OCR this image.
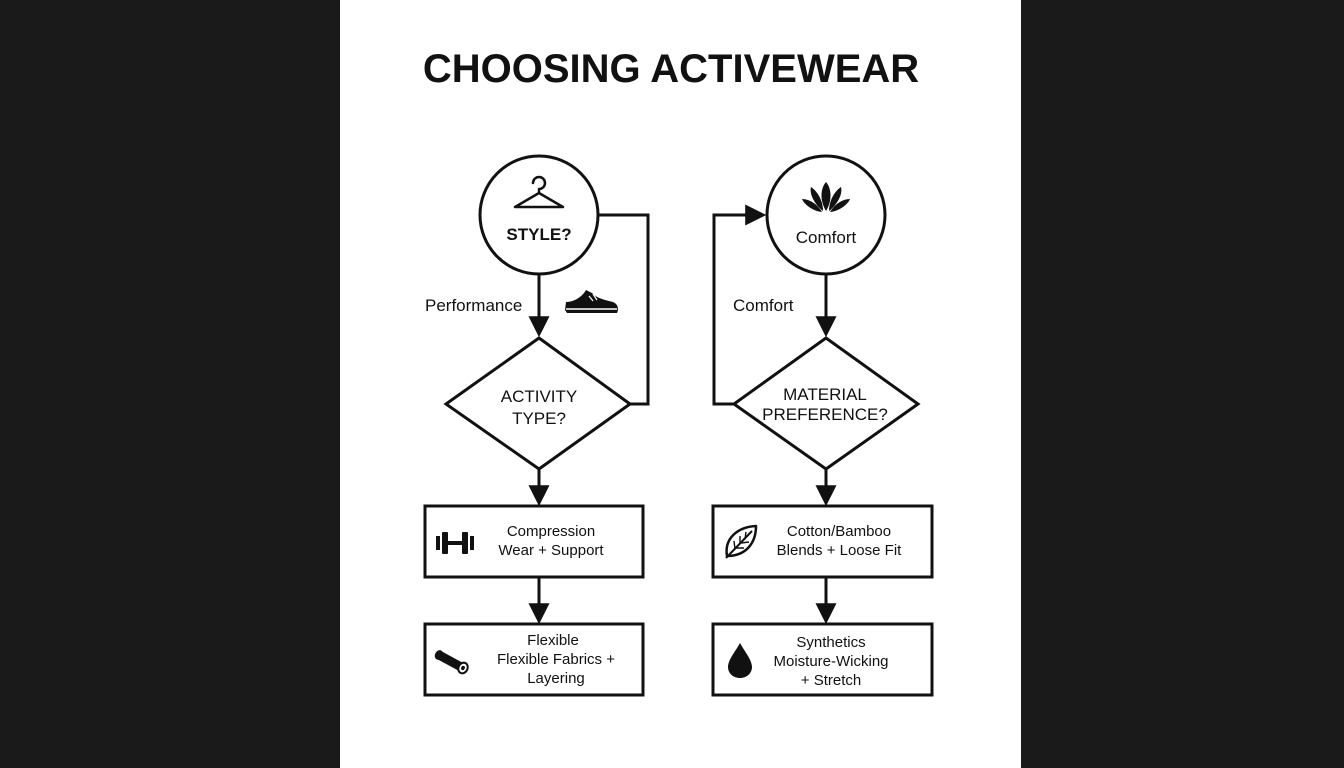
CHOOSING ACTIVEWEAR
STYLE?
Performance
ACTIVITY
TYPE?
Compression
Wear + Support
Flexible
Flexible Fabrics +
Layering
Comfort
Comfort
MATERIAL
PREFERENCE?
Cotton/Bamboo
Blends + Loose Fit
Synthetics
Moisture-Wicking
+ Stretch
